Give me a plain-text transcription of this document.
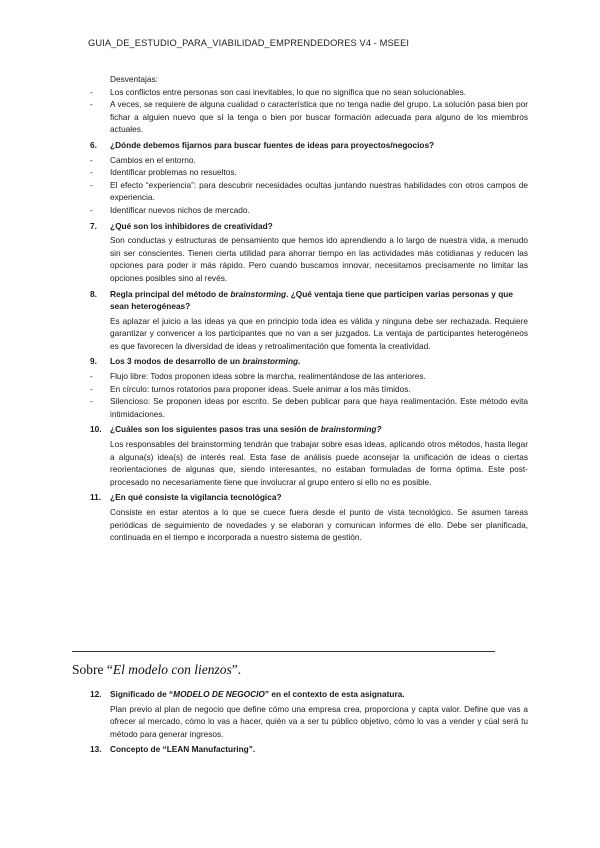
GUIA_DE_ESTUDIO_PARA_VIABILIDAD_EMPRENDEDORES V4 - MSEEI

Desventajas:

- Los conflictos entre personas son casi inevitables, lo que no significa que no sean solucionables.

- A veces, se requiere de alguna cualidad o característica que no tenga nadie del grupo. La solución pasa bien por fichar a alguien nuevo que sí la tenga o bien por buscar formación adecuada para alguno de los miembros actuales.

6. ¿Dónde debemos fijarnos para buscar fuentes de ideas para proyectos/negocios?

- Cambios en el entorno.

- Identificar problemas no resueltos.

- El efecto “experiencia”: para descubrir necesidades ocultas juntando nuestras habilidades con otros campos de experiencia.

- Identificar nuevos nichos de mercado.

7. ¿Qué son los inhibidores de creatividad?

Son conductas y estructuras de pensamiento que hemos ido aprendiendo a lo largo de nuestra vida, a menudo sin ser conscientes. Tienen cierta utilidad para ahorrar tiempo en las actividades más cotidianas y reducen las opciones para poder ir más rápido. Pero cuando buscamos innovar, necesitamos precisamente no limitar las opciones posibles sino al revés.

8. Regla principal del método de brainstorming. ¿Qué ventaja tiene que participen varias personas y que sean heterogéneas?

Es aplazar el juicio a las ideas ya que en principio toda idea es válida y ninguna debe ser rechazada. Requiere garantizar y convencer a los participantes que no van a ser juzgados. La ventaja de participantes heterogéneos es que favorecen la diversidad de ideas y retroalimentación que fomenta la creatividad.

9. Los 3 modos de desarrollo de un brainstorming.

- Flujo libre: Todos proponen ideas sobre la marcha, realimentándose de las anteriores.

- En círculo: turnos rotatorios para proponer ideas. Suele animar a los más tímidos.

- Silencioso: Se proponen ideas por escrito. Se deben publicar para que haya realimentación. Este método evita intimidaciones.

10. ¿Cuáles son los siguientes pasos tras una sesión de brainstorming?

Los responsables del brainstorming tendrán que trabajar sobre esas ideas, aplicando otros métodos, hasta llegar a alguna(s) idea(s) de interés real. Esta fase de análisis puede aconsejar la unificación de ideas o ciertas reorientaciones de algunas que, siendo interesantes, no estaban formuladas de forma óptima. Este post-procesado no necesariamente tiene que involucrar al grupo entero si ello no es posible.

11. ¿En qué consiste la vigilancia tecnológica?

Consiste en estar atentos a lo que se cuece fuera desde el punto de vista tecnológico. Se asumen tareas periódicas de seguimiento de novedades y se elaboran y comunican informes de ello. Debe ser planificada, continuada en el tiempo e incorporada a nuestro sistema de gestión.

Sobre “El modelo con lienzos”.
12. Significado de “MODELO DE NEGOCIO” en el contexto de esta asignatura.

Plan previo al plan de negocio que define cómo una empresa crea, proporciona y capta valor. Define que vas a ofrecer al mercado, cómo lo vas a hacer, quién va a ser tu público objetivo, cómo lo vas a vender y cúal será tu método para generar ingresos.

13. Concepto de “LEAN Manufacturing”.
